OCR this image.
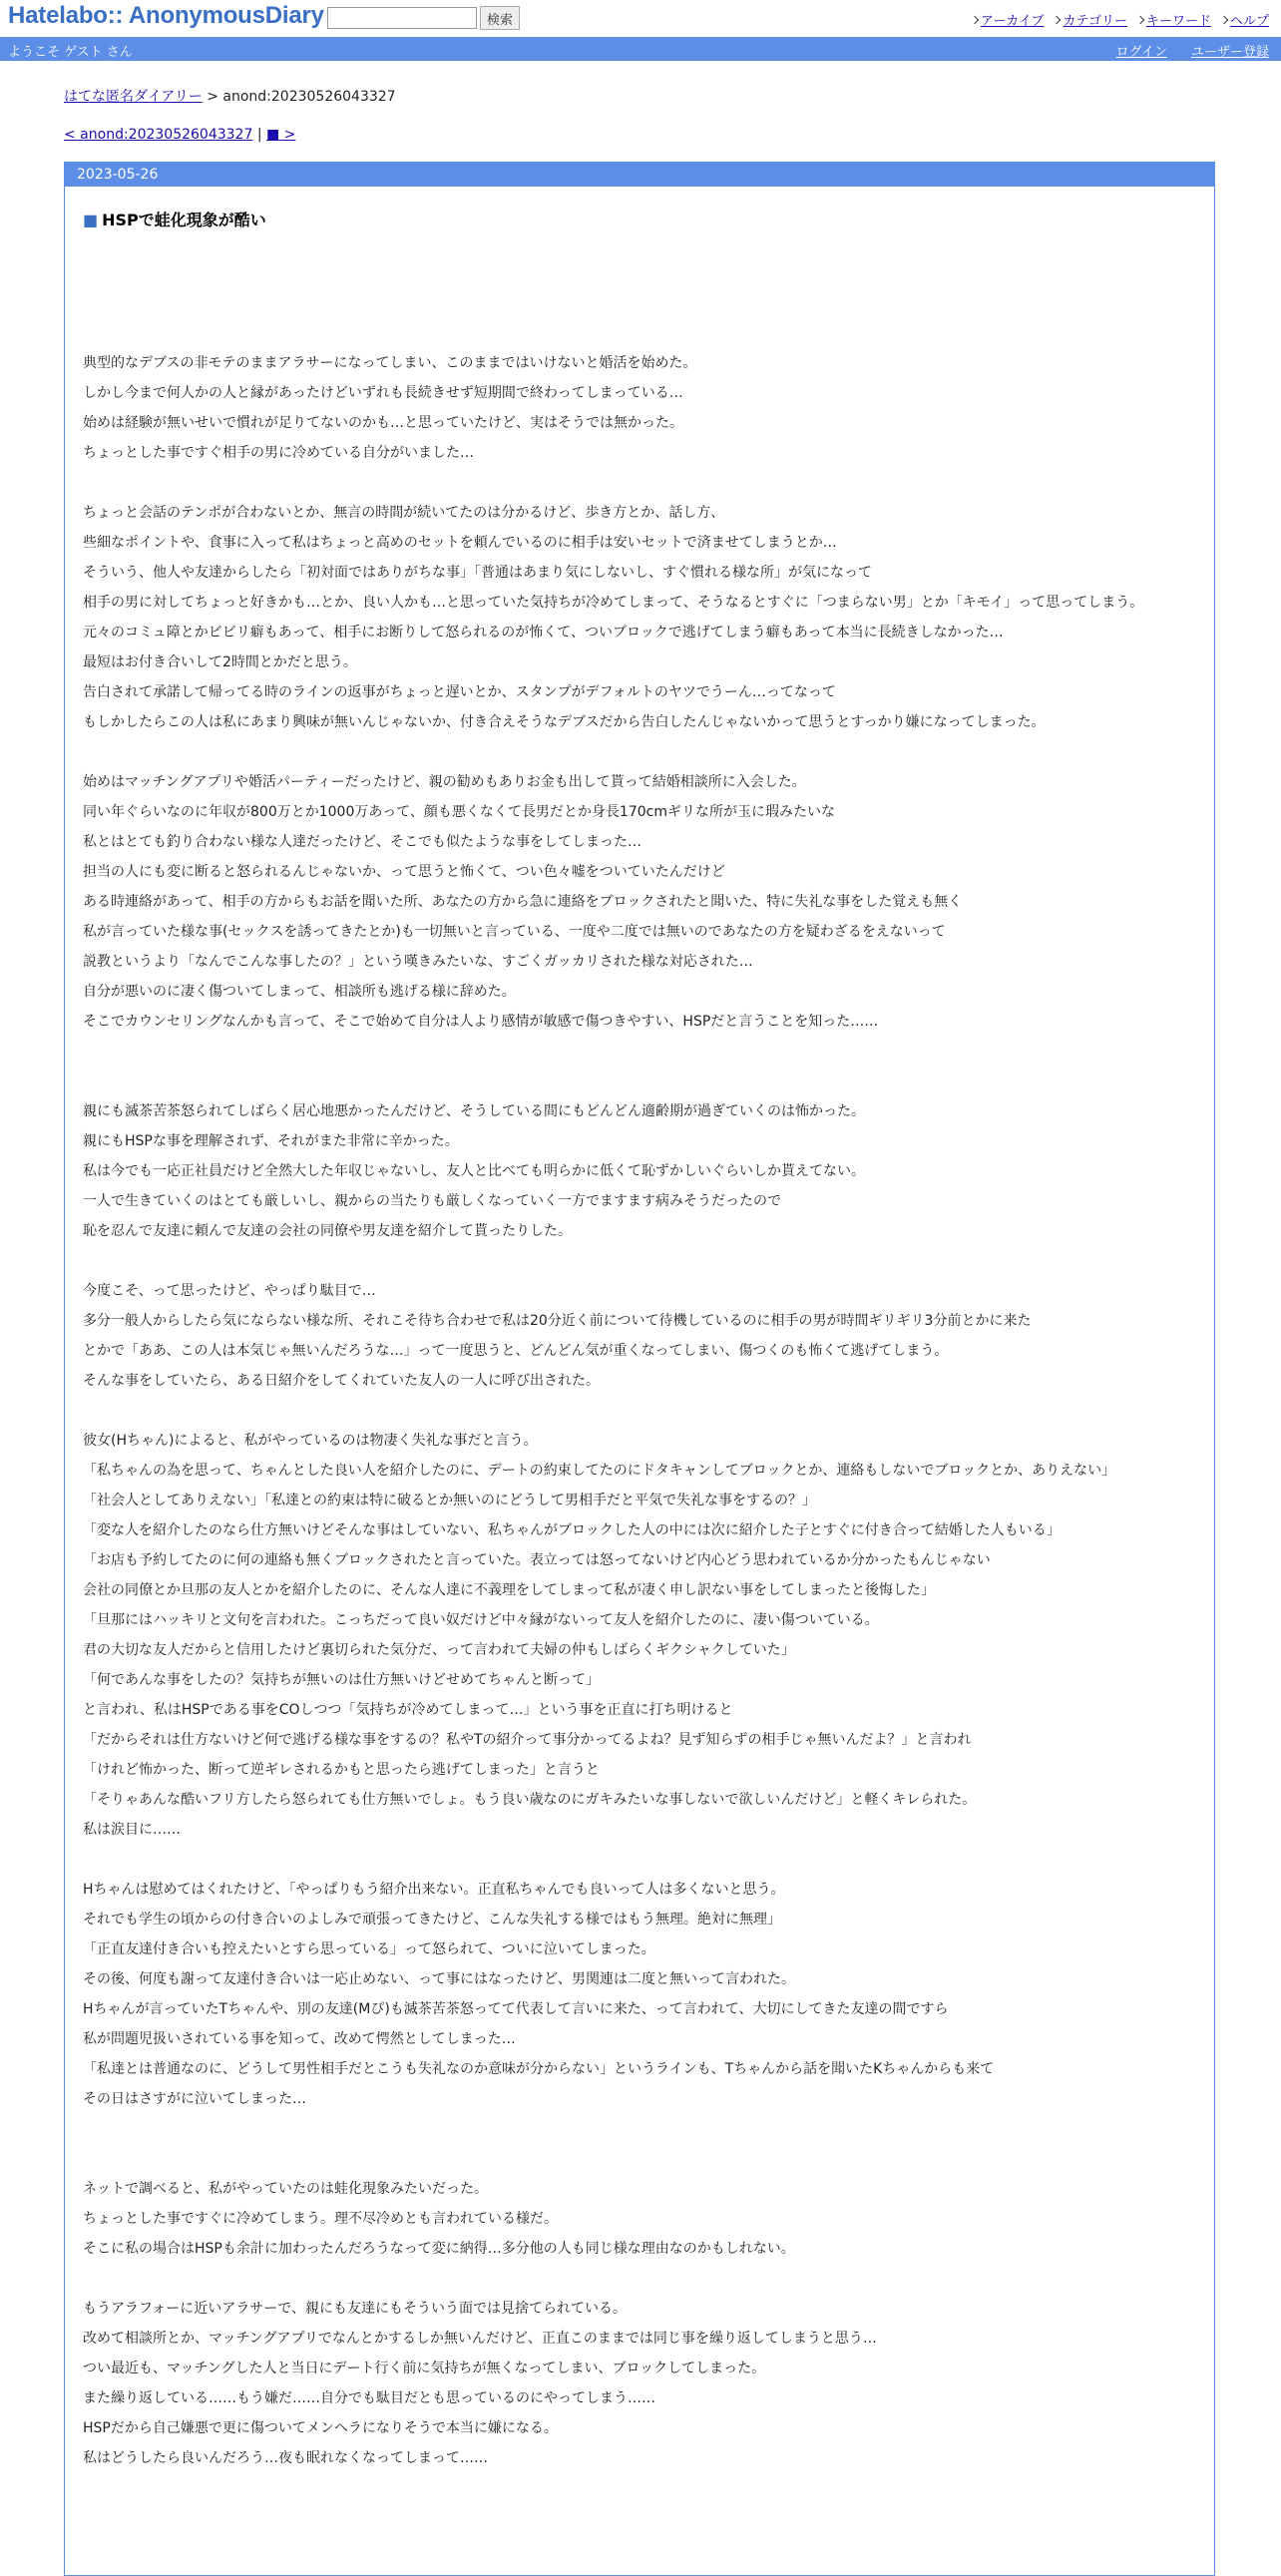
Hatelabo:: AnonymousDiary	検索	アーカイブ	カテゴリー	キーワード	ヘルプ
ようこそ ゲスト さん	ログイン ユーザー登録
はてな匿名ダイアリー > anond:20230526043327
< anond:20230526043327 | ■ >
2023-05-26
■ HSPで蛙化現象が酷い

典型的なデブスの非モテのままアラサーになってしまい、このままではいけないと婚活を始めた。

しかし今まで何人かの人と縁があったけどいずれも長続きせず短期間で終わってしまっている…

始めは経験が無いせいで慣れが足りてないのかも…と思っていたけど、実はそうでは無かった。

ちょっとした事ですぐ相手の男に冷めている自分がいました…

ちょっと会話のテンポが合わないとか、無言の時間が続いてたのは分かるけど、歩き方とか、話し方、

些細なポイントや、食事に入って私はちょっと高めのセットを頼んでいるのに相手は安いセットで済ませてしまうとか…

そういう、他人や友達からしたら「初対面ではありがちな事」「普通はあまり気にしないし、すぐ慣れる様な所」が気になって

相手の男に対してちょっと好きかも…とか、良い人かも…と思っていた気持ちが冷めてしまって、そうなるとすぐに「つまらない男」とか「キモイ」って思ってしまう。

元々のコミュ障とかビビリ癖もあって、相手にお断りして怒られるのが怖くて、ついブロックで逃げてしまう癖もあって本当に長続きしなかった…

最短はお付き合いして2時間とかだと思う。

告白されて承諾して帰ってる時のラインの返事がちょっと遅いとか、スタンプがデフォルトのヤツでうーん…ってなって

もしかしたらこの人は私にあまり興味が無いんじゃないか、付き合えそうなデブスだから告白したんじゃないかって思うとすっかり嫌になってしまった。

始めはマッチングアプリや婚活パーティーだったけど、親の勧めもありお金も出して貰って結婚相談所に入会した。

同い年ぐらいなのに年収が800万とか1000万あって、顔も悪くなくて長男だとか身長170cmギリな所が玉に瑕みたいな

私とはとても釣り合わない様な人達だったけど、そこでも似たような事をしてしまった…

担当の人にも変に断ると怒られるんじゃないか、って思うと怖くて、つい色々嘘をついていたんだけど

ある時連絡があって、相手の方からもお話を聞いた所、あなたの方から急に連絡をブロックされたと聞いた、特に失礼な事をした覚えも無く

私が言っていた様な事(セックスを誘ってきたとか)も一切無いと言っている、一度や二度では無いのであなたの方を疑わざるをえないって

説教というより「なんでこんな事したの？」という嘆きみたいな、すごくガッカリされた様な対応された…

自分が悪いのに凄く傷ついてしまって、相談所も逃げる様に辞めた。

そこでカウンセリングなんかも言って、そこで始めて自分は人より感情が敏感で傷つきやすい、HSPだと言うことを知った……

親にも滅茶苦茶怒られてしばらく居心地悪かったんだけど、そうしている間にもどんどん適齢期が過ぎていくのは怖かった。

親にもHSPな事を理解されず、それがまた非常に辛かった。

私は今でも一応正社員だけど全然大した年収じゃないし、友人と比べても明らかに低くて恥ずかしいぐらいしか貰えてない。

一人で生きていくのはとても厳しいし、親からの当たりも厳しくなっていく一方でますます病みそうだったので

恥を忍んで友達に頼んで友達の会社の同僚や男友達を紹介して貰ったりした。

今度こそ、って思ったけど、やっぱり駄目で…

多分一般人からしたら気にならない様な所、それこそ待ち合わせで私は20分近く前について待機しているのに相手の男が時間ギリギリ3分前とかに来た

とかで「ああ、この人は本気じゃ無いんだろうな…」って一度思うと、どんどん気が重くなってしまい、傷つくのも怖くて逃げてしまう。

そんな事をしていたら、ある日紹介をしてくれていた友人の一人に呼び出された。

彼女(Hちゃん)によると、私がやっているのは物凄く失礼な事だと言う。

「私ちゃんの為を思って、ちゃんとした良い人を紹介したのに、デートの約束してたのにドタキャンしてブロックとか、連絡もしないでブロックとか、ありえない」

「社会人としてありえない」「私達との約束は特に破るとか無いのにどうして男相手だと平気で失礼な事をするの？」

「変な人を紹介したのなら仕方無いけどそんな事はしていない、私ちゃんがブロックした人の中には次に紹介した子とすぐに付き合って結婚した人もいる」

「お店も予約してたのに何の連絡も無くブロックされたと言っていた。表立っては怒ってないけど内心どう思われているか分かったもんじゃない

会社の同僚とか旦那の友人とかを紹介したのに、そんな人達に不義理をしてしまって私が凄く申し訳ない事をしてしまったと後悔した」

「旦那にはハッキリと文句を言われた。こっちだって良い奴だけど中々縁がないって友人を紹介したのに、凄い傷ついている。

君の大切な友人だからと信用したけど裏切られた気分だ、って言われて夫婦の仲もしばらくギクシャクしていた」

「何であんな事をしたの？気持ちが無いのは仕方無いけどせめてちゃんと断って」

と言われ、私はHSPである事をCOしつつ「気持ちが冷めてしまって…」という事を正直に打ち明けると

「だからそれは仕方ないけど何で逃げる様な事をするの？私やTの紹介って事分かってるよね？見ず知らずの相手じゃ無いんだよ？」と言われ

「けれど怖かった、断って逆ギレされるかもと思ったら逃げてしまった」と言うと

「そりゃあんな酷いフリ方したら怒られても仕方無いでしょ。もう良い歳なのにガキみたいな事しないで欲しいんだけど」と軽くキレられた。

私は涙目に……

Hちゃんは慰めてはくれたけど、「やっぱりもう紹介出来ない。正直私ちゃんでも良いって人は多くないと思う。

それでも学生の頃からの付き合いのよしみで頑張ってきたけど、こんな失礼する様ではもう無理。絶対に無理」

「正直友達付き合いも控えたいとすら思っている」って怒られて、ついに泣いてしまった。

その後、何度も謝って友達付き合いは一応止めない、って事にはなったけど、男関連は二度と無いって言われた。

Hちゃんが言っていたTちゃんや、別の友達(Mぴ)も滅茶苦茶怒ってて代表して言いに来た、って言われて、大切にしてきた友達の間ですら

私が問題児扱いされている事を知って、改めて愕然としてしまった…

「私達とは普通なのに、どうして男性相手だとこうも失礼なのか意味が分からない」というラインも、Tちゃんから話を聞いたKちゃんからも来て

その日はさすがに泣いてしまった…

ネットで調べると、私がやっていたのは蛙化現象みたいだった。

ちょっとした事ですぐに冷めてしまう。理不尽冷めとも言われている様だ。

そこに私の場合はHSPも余計に加わったんだろうなって変に納得…多分他の人も同じ様な理由なのかもしれない。

もうアラフォーに近いアラサーで、親にも友達にもそういう面では見捨てられている。

改めて相談所とか、マッチングアプリでなんとかするしか無いんだけど、正直このままでは同じ事を繰り返してしまうと思う…

つい最近も、マッチングした人と当日にデート行く前に気持ちが無くなってしまい、ブロックしてしまった。

また繰り返している……もう嫌だ……自分でも駄目だとも思っているのにやってしまう……

HSPだから自己嫌悪で更に傷ついてメンヘラになりそうで本当に嫌になる。

私はどうしたら良いんだろう…夜も眠れなくなってしまって……
